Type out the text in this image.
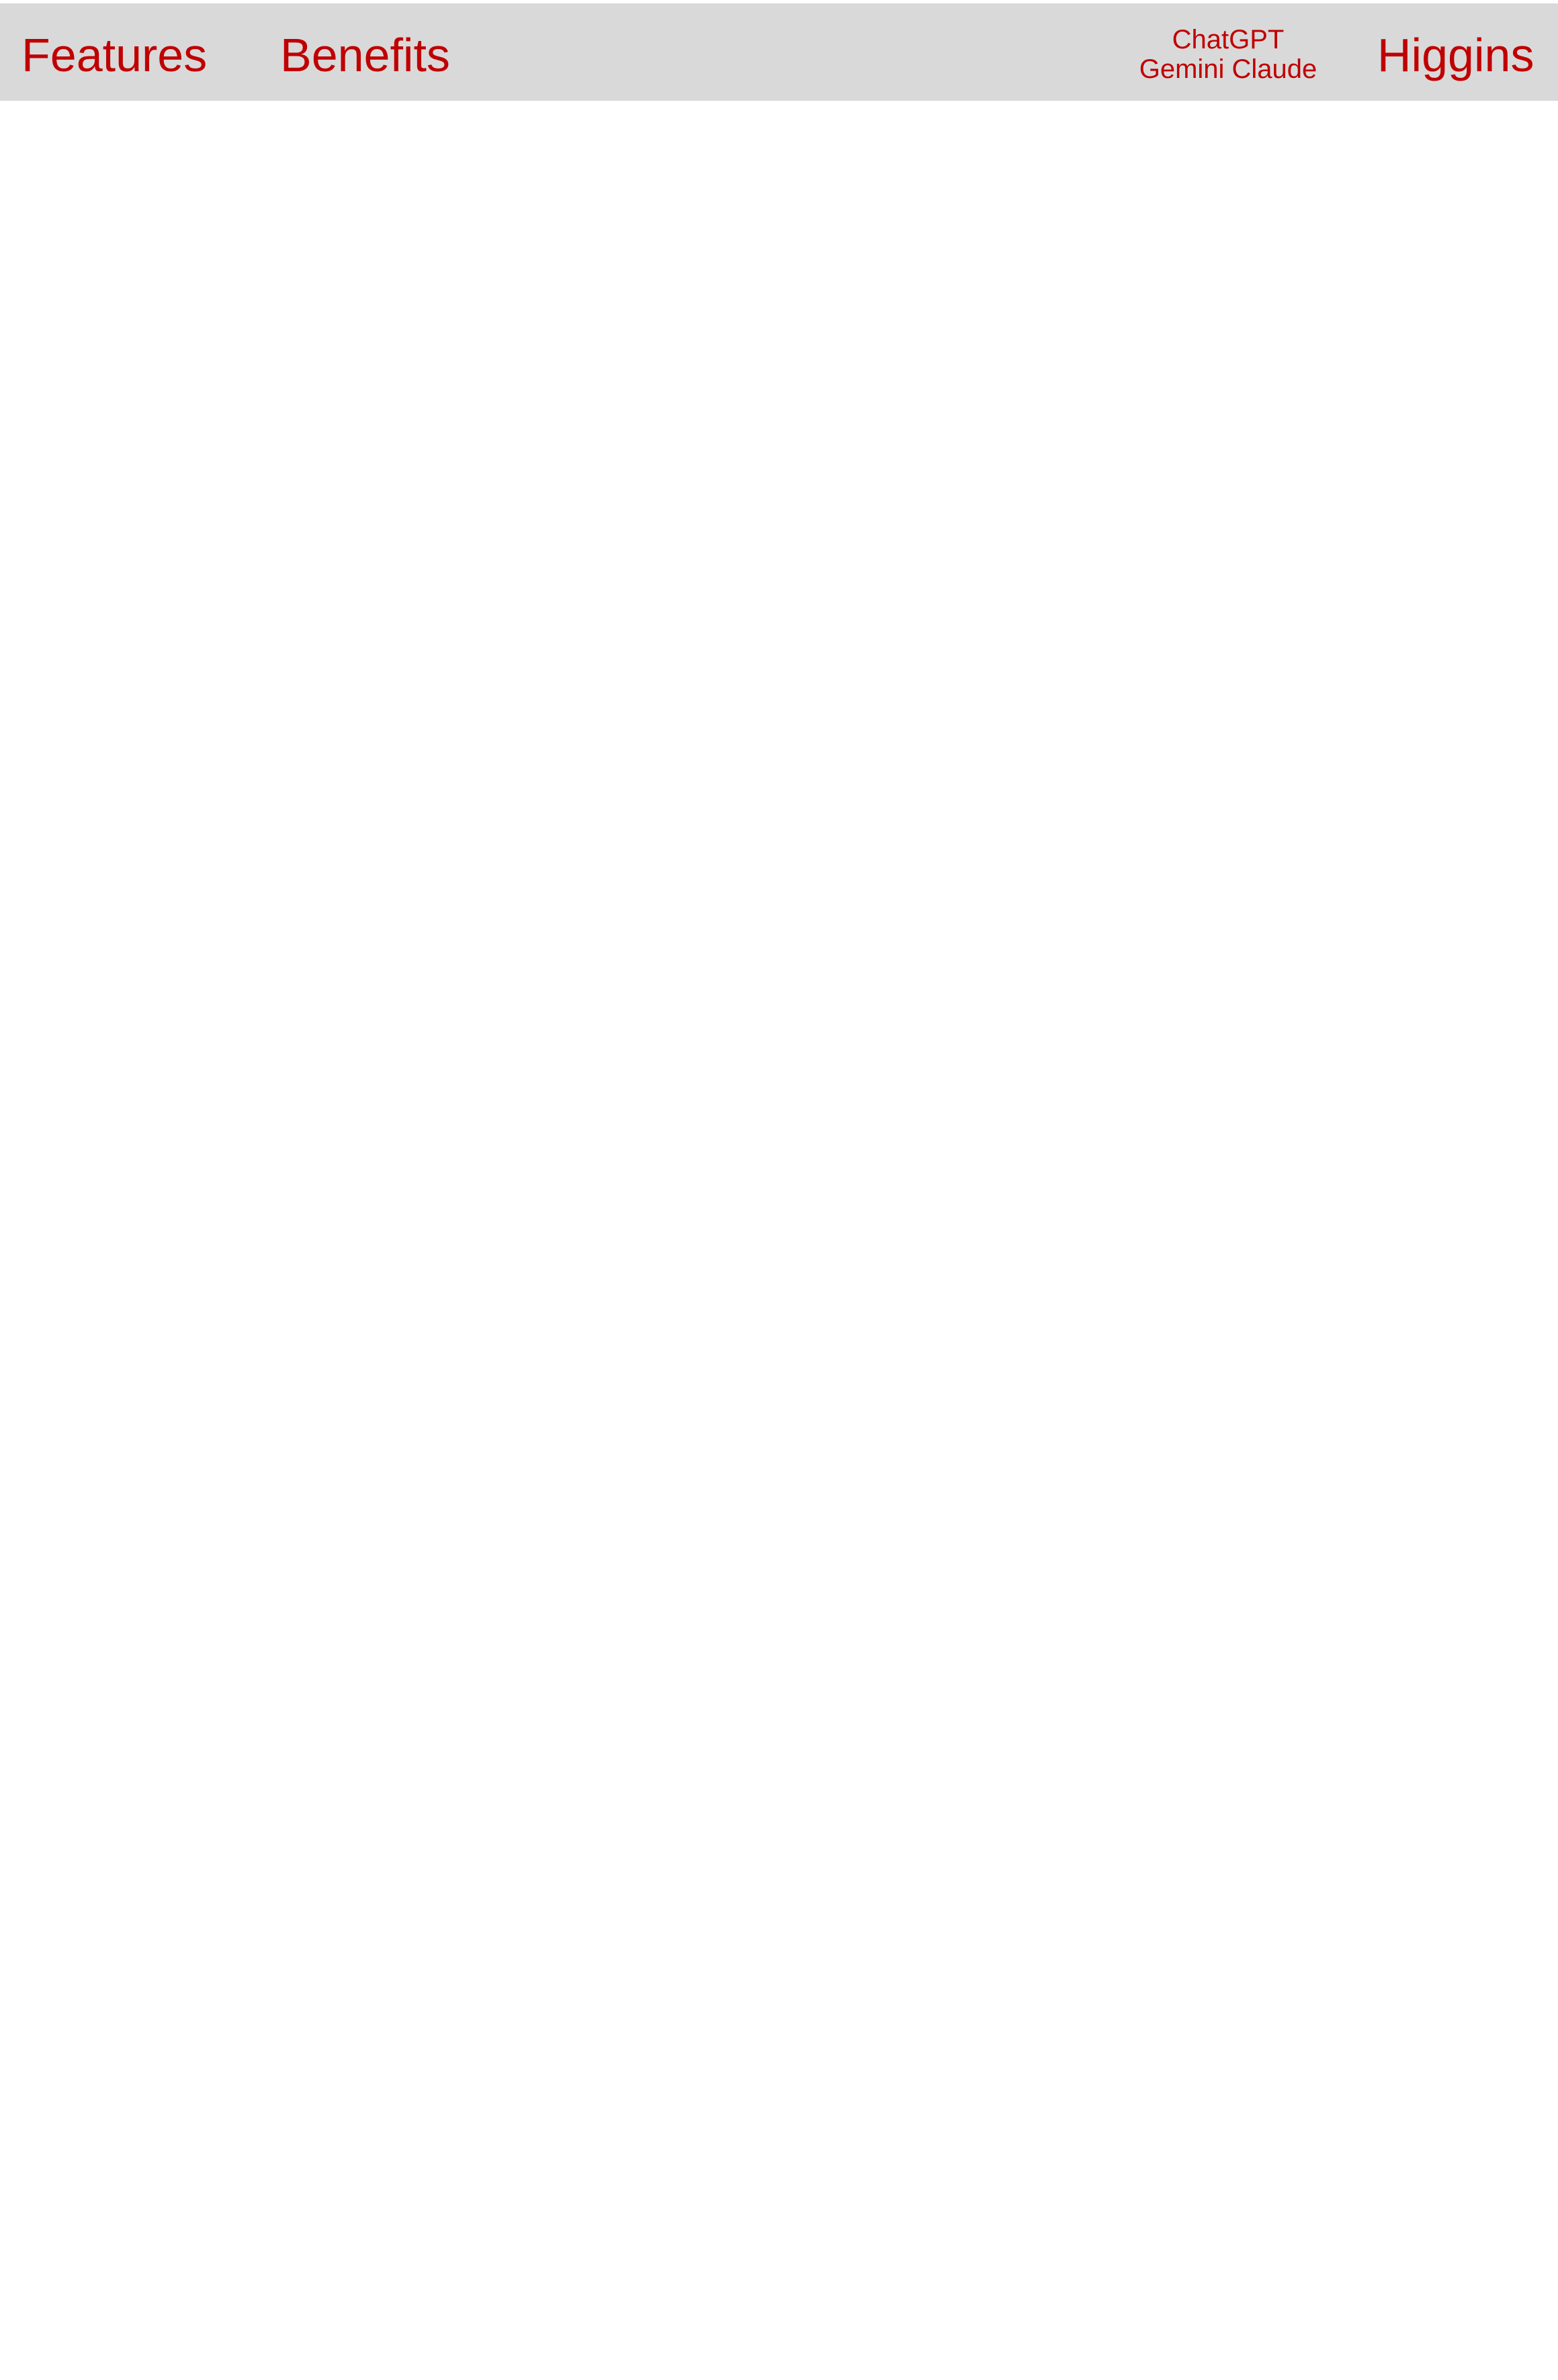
Features Benefits	ChatGPT
Gemini Claude	Higgins
